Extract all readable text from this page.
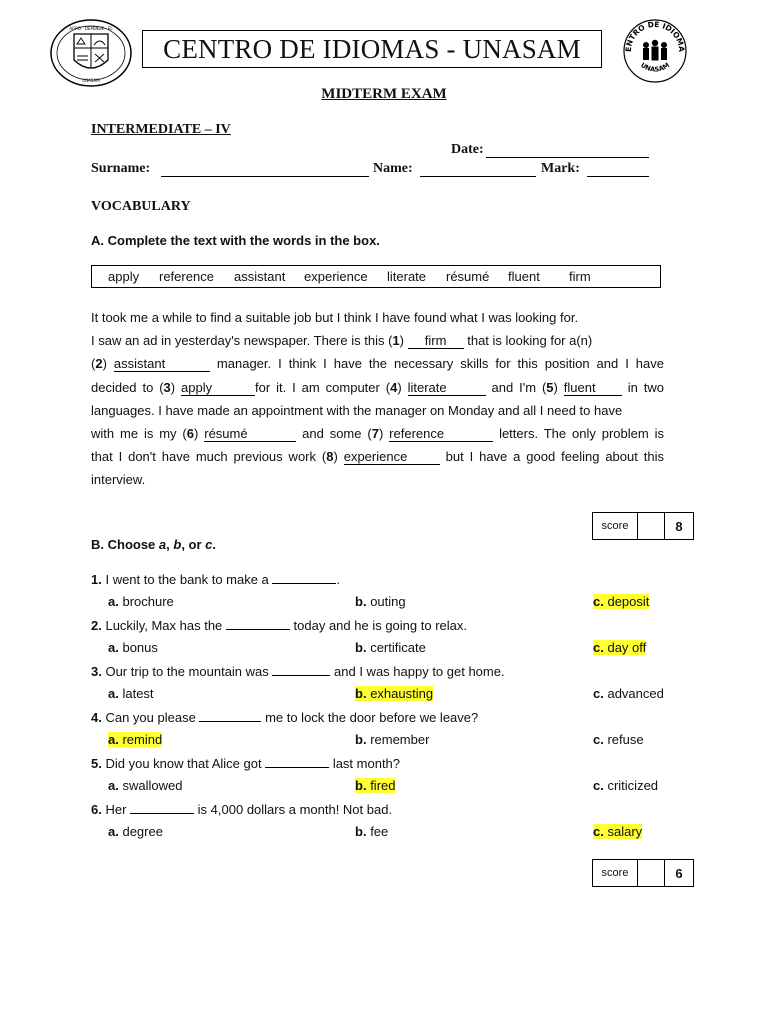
AGRO · DEPENDE · EL
UNASAM
CENTRO DE IDIOMAS - UNASAM	ENTRO DE IDIOMA
UNASAM
MIDTERM EXAM
INTERMEDIATE – IV
Date:
Surname:	Name:	Mark:
VOCABULARY
A. Complete the text with the words in the box.
apply reference assistant experience literate résumé fluent firm

It took me a while to find a suitable job but I think I have found what I was looking for.

I saw an ad in yesterday's newspaper. There is this (1) firm that is looking for a(n)

(2) assistant	manager. I think I have the necessary skills for this position and I have

decided to (3) apply	for it. I am computer (4) literate	and I'm (5) fluent in two

languages. I have made an appointment with the manager on Monday and all I need to have

with me is my (6) résumé	and some (7) reference	letters. The only problem is

that I don't have much previous work (8) experience	but I have a good feeling about this

interview.

score	8
B. Choose a, b, or c.
1. I went to the bank to make a	.
a. brochure	b. outing	c. deposit
2. Luckily, Max has the	today and he is going to relax.
a. bonus	b. certificate	c. day off
3. Our trip to the mountain was	and I was happy to get home.
a. latest	b. exhausting	c. advanced
4. Can you please	me to lock the door before we leave?
a. remind	b. remember	c. refuse
5. Did you know that Alice got	last month?
a. swallowed	b. fired	c. criticized
6. Her	is 4,000 dollars a month! Not bad.
a. degree	b. fee	c. salary
score	6
